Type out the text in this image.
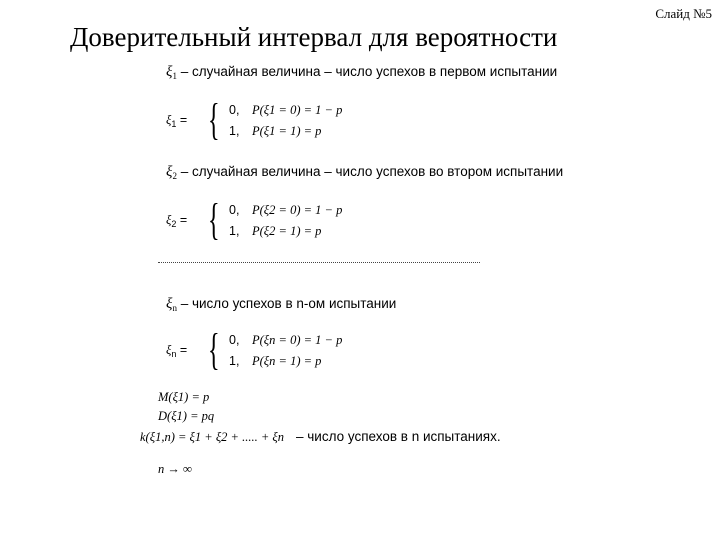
Слайд №5
Доверительный интервал для вероятности
$\xi_1$ – случайная величина – число успехов в первом испытании
$\xi_1$ = { 0, P(ξ1 = 0) = 1 − p
1, P(ξ1 = 1) = p
$\xi_2$ – случайная величина – число успехов во втором испытании
$\xi_2$ = { 0, P(ξ2 = 0) = 1 − p
1, P(ξ2 = 1) = p
$\xi_n$ – число успехов в n-ом испытании
$\xi_n$ = { 0, P(ξn = 0) = 1 − p
1, P(ξn = 1) = p
M(ξ1) = p
D(ξ1) = pq
k(ξ1,n) = ξ1 + ξ2 + ..... + ξn – число успехов в n испытаниях.
n → ∞
